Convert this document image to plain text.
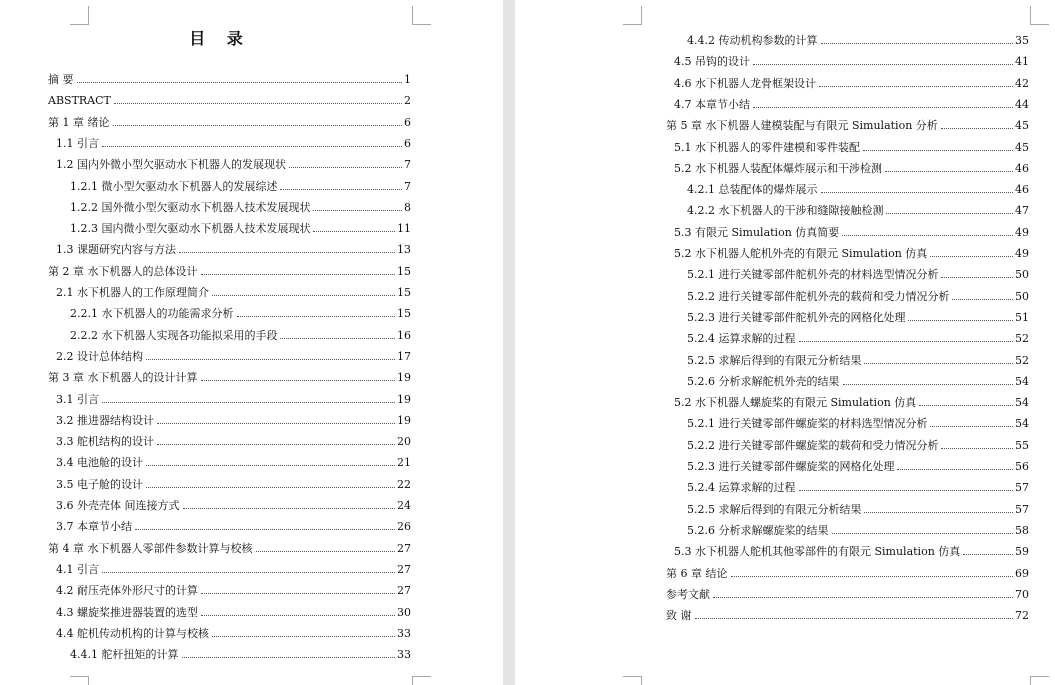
目 录
摘 要	1
ABSTRACT	2
第 1 章 绪论	6
1.1 引言	6
1.2 国内外微小型欠驱动水下机器人的发展现状	7
1.2.1 微小型欠驱动水下机器人的发展综述	7
1.2.2 国外微小型欠驱动水下机器人技术发展现状	8
1.2.3 国内微小型欠驱动水下机器人技术发展现状	11
1.3 课题研究内容与方法	13
第 2 章 水下机器人的总体设计	15
2.1 水下机器人的工作原理简介	15
2.2.1 水下机器人的功能需求分析	15
2.2.2 水下机器人实现各功能拟采用的手段	16
2.2 设计总体结构	17
第 3 章 水下机器人的设计计算	19
3.1 引言	19
3.2 推进器结构设计	19
3.3 舵机结构的设计	20
3.4 电池舱的设计	21
3.5 电子舱的设计	22
3.6 外壳壳体 间连接方式	24
3.7 本章节小结	26
第 4 章 水下机器人零部件参数计算与校核	27
4.1 引言	27
4.2 耐压壳体外形尺寸的计算	27
4.3 螺旋桨推进器装置的选型	30
4.4 舵机传动机构的计算与校核	33
4.4.1 舵杆扭矩的计算	33
4.4.2 传动机构参数的计算	35
4.5 吊钩的设计	41
4.6 水下机器人龙骨框架设计	42
4.7 本章节小结	44
第 5 章 水下机器人建模装配与有限元 Simulation 分析	45
5.1 水下机器人的零件建模和零件装配	45
5.2 水下机器人装配体爆炸展示和干涉检测	46
4.2.1 总装配体的爆炸展示	46
4.2.2 水下机器人的干涉和缝隙接触检测	47
5.3 有限元 Simulation 仿真简要	49
5.2 水下机器人舵机外壳的有限元 Simulation 仿真	49
5.2.1 进行关键零部件舵机外壳的材料选型情况分析	50
5.2.2 进行关键零部件舵机外壳的载荷和受力情况分析	50
5.2.3 进行关键零部件舵机外壳的网格化处理	51
5.2.4 运算求解的过程	52
5.2.5 求解后得到的有限元分析结果	52
5.2.6 分析求解舵机外壳的结果	54
5.2 水下机器人螺旋桨的有限元 Simulation 仿真	54
5.2.1 进行关键零部件螺旋桨的材料选型情况分析	54
5.2.2 进行关键零部件螺旋桨的载荷和受力情况分析	55
5.2.3 进行关键零部件螺旋桨的网格化处理	56
5.2.4 运算求解的过程	57
5.2.5 求解后得到的有限元分析结果	57
5.2.6 分析求解螺旋桨的结果	58
5.3 水下机器人舵机其他零部件的有限元 Simulation 仿真	59
第 6 章 结论	69
参考文献	70
致 谢	72
